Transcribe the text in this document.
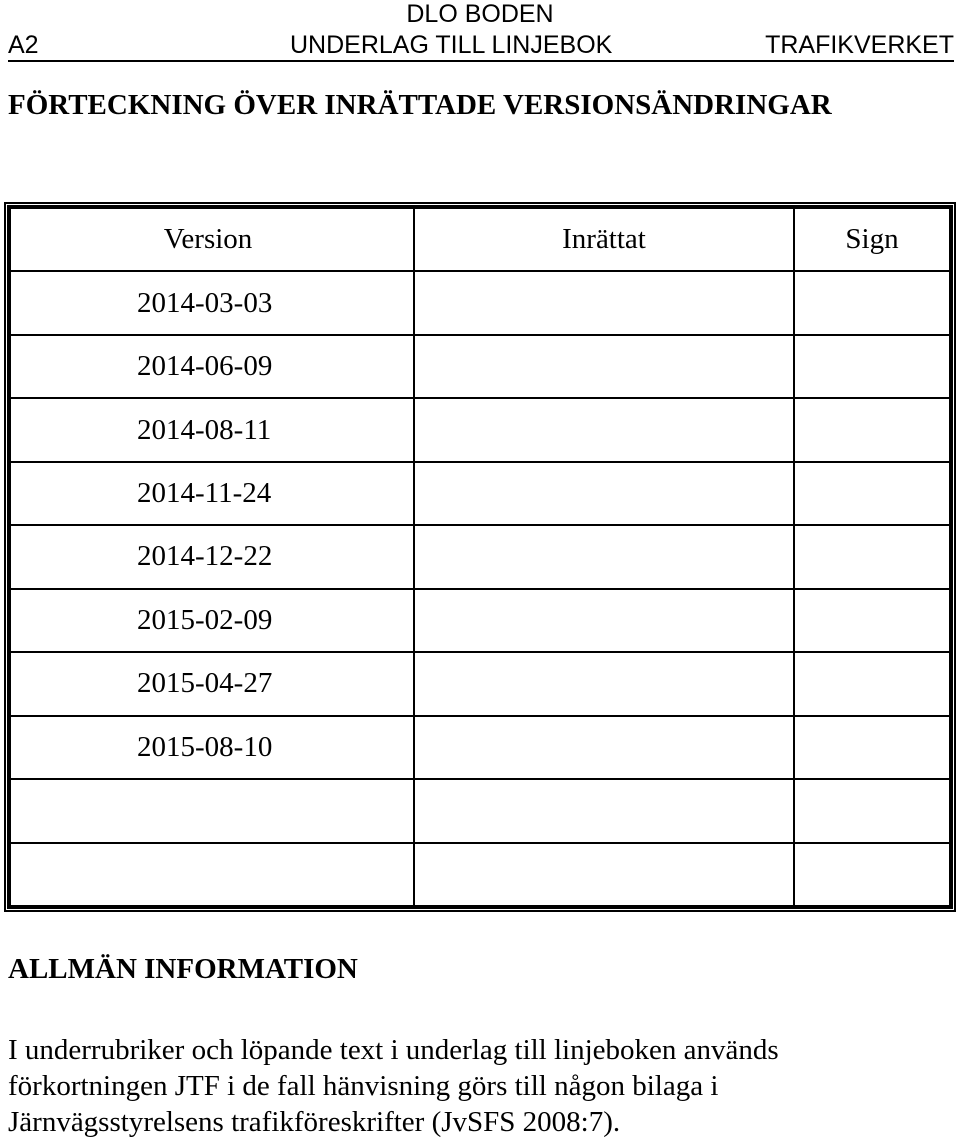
DLO BODEN
A2	UNDERLAG TILL LINJEBOK	TRAFIKVERKET
FÖRTECKNING ÖVER INRÄTTADE VERSIONSÄNDRINGAR
Version	Inrättat	Sign
2014-03-03		
2014-06-09		
2014-08-11		
2014-11-24		
2014-12-22		
2015-02-09		
2015-04-27		
2015-08-10		

ALLMÄN INFORMATION

I underrubriker och löpande text i underlag till linjeboken används
förkortningen JTF i de fall hänvisning görs till någon bilaga i
Järnvägsstyrelsens trafikföreskrifter (JvSFS 2008:7).
